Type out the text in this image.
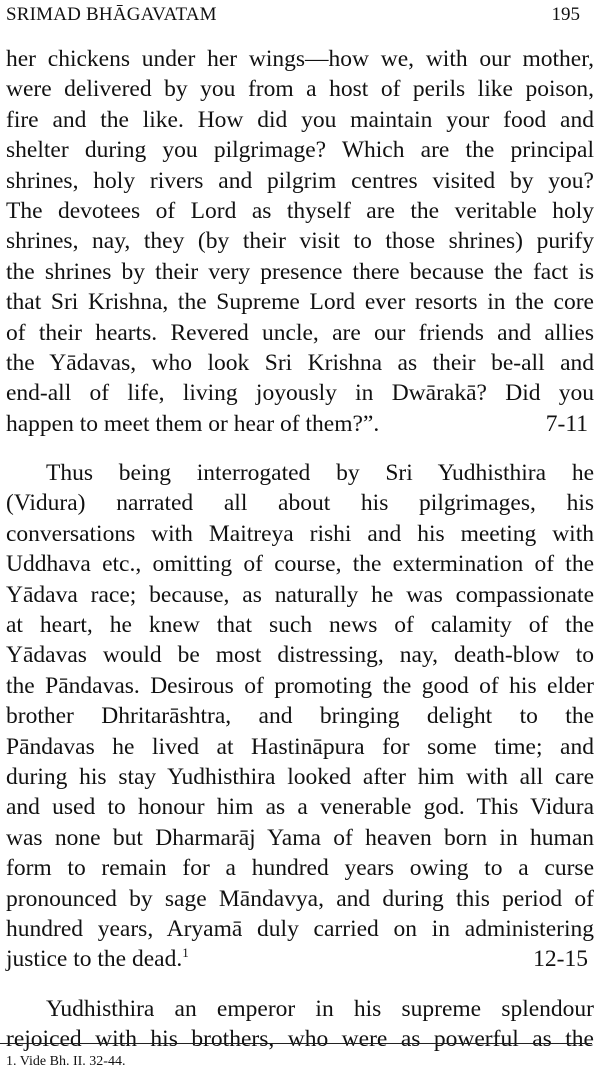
SRIMAD BHĀGAVATAM	195
her chickens under her wings—how we, with our mother,
were delivered by you from a host of perils like poison,
fire and the like. How did you maintain your food and
shelter during you pilgrimage? Which are the principal
shrines, holy rivers and pilgrim centres visited by you?
The devotees of Lord as thyself are the veritable holy
shrines, nay, they (by their visit to those shrines) purify
the shrines by their very presence there because the fact is
that Sri Krishna, the Supreme Lord ever resorts in the core
of their hearts. Revered uncle, are our friends and allies
the Yādavas, who look Sri Krishna as their be-all and
end-all of life, living joyously in Dwārakā? Did you
happen to meet them or hear of them?”.	7-11
Thus being interrogated by Sri Yudhisthira he
(Vidura) narrated all about his pilgrimages, his
conversations with Maitreya rishi and his meeting with
Uddhava etc., omitting of course, the extermination of the
Yādava race; because, as naturally he was compassionate
at heart, he knew that such news of calamity of the
Yādavas would be most distressing, nay, death-blow to
the Pāndavas. Desirous of promoting the good of his elder
brother Dhritarāshtra, and bringing delight to the
Pāndavas he lived at Hastināpura for some time; and
during his stay Yudhisthira looked after him with all care
and used to honour him as a venerable god. This Vidura
was none but Dharmarāj Yama of heaven born in human
form to remain for a hundred years owing to a curse
pronounced by sage Māndavya, and during this period of
hundred years, Aryamā duly carried on in administering
justice to the dead.$^1$	12-15
Yudhisthira an emperor in his supreme splendour
rejoiced with his brothers, who were as powerful as the
1. Vide Bh. II. 32-44.
